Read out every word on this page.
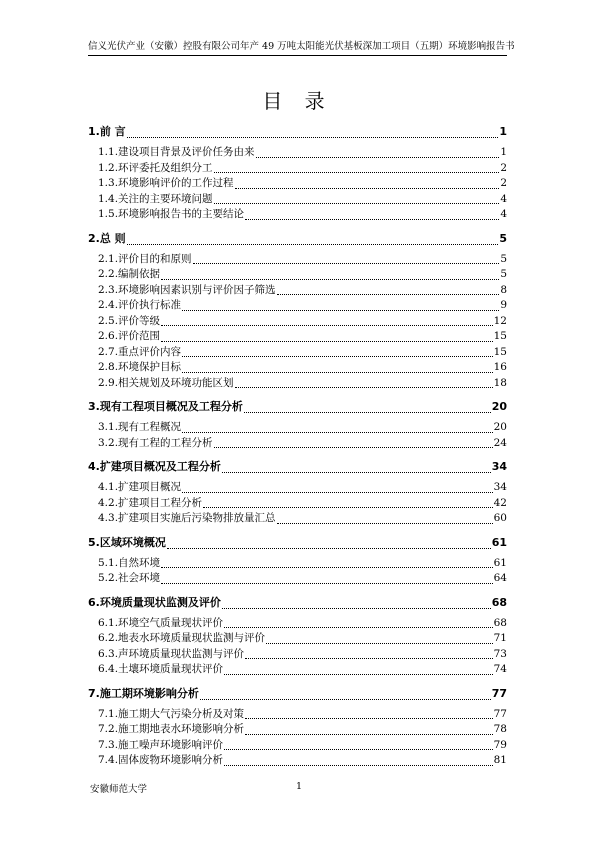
信义光伏产业（安徽）控股有限公司年产 49 万吨太阳能光伏基板深加工项目（五期）环境影响报告书
目 录
1.前 言	1
1.1.建设项目背景及评价任务由来	1
1.2.环评委托及组织分工	2
1.3.环境影响评价的工作过程	2
1.4.关注的主要环境问题	4
1.5.环境影响报告书的主要结论	4
2.总 则	5
2.1.评价目的和原则	5
2.2.编制依据	5
2.3.环境影响因素识别与评价因子筛选	8
2.4.评价执行标准	9
2.5.评价等级	12
2.6.评价范围	15
2.7.重点评价内容	15
2.8.环境保护目标	16
2.9.相关规划及环境功能区划	18
3.现有工程项目概况及工程分析	20
3.1.现有工程概况	20
3.2.现有工程的工程分析	24
4.扩建项目概况及工程分析	34
4.1.扩建项目概况	34
4.2.扩建项目工程分析	42
4.3.扩建项目实施后污染物排放量汇总	60
5.区域环境概况	61
5.1.自然环境	61
5.2.社会环境	64
6.环境质量现状监测及评价	68
6.1.环境空气质量现状评价	68
6.2.地表水环境质量现状监测与评价	71
6.3.声环境质量现状监测与评价	73
6.4.土壤环境质量现状评价	74
7.施工期环境影响分析	77
7.1.施工期大气污染分析及对策	77
7.2.施工期地表水环境影响分析	78
7.3.施工噪声环境影响评价	79
7.4.固体废物环境影响分析	81
安徽师范大学	1
